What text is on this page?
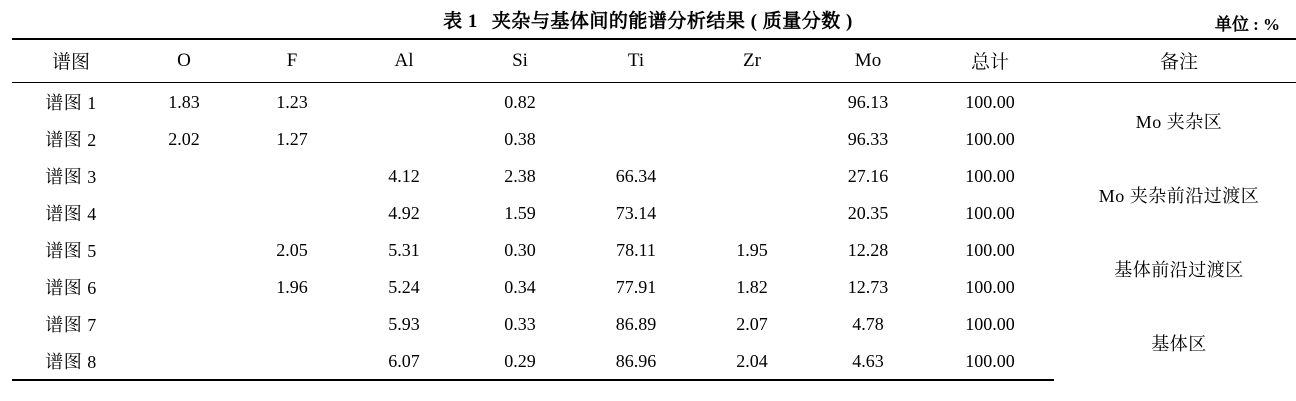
表 1 夹杂与基体间的能谱分析结果 ( 质量分数 )	单位 : %
谱图	O	F	Al	Si	Ti	Zr	Mo	总计	备注
谱图 1	1.83	1.23		0.82			96.13	100.00	Mo 夹杂区
谱图 2	2.02	1.27		0.38			96.33	100.00	
谱图 3			4.12	2.38	66.34		27.16	100.00	Mo 夹杂前沿过渡区
谱图 4			4.92	1.59	73.14		20.35	100.00	
谱图 5		2.05	5.31	0.30	78.11	1.95	12.28	100.00	基体前沿过渡区
谱图 6		1.96	5.24	0.34	77.91	1.82	12.73	100.00	
谱图 7			5.93	0.33	86.89	2.07	4.78	100.00	基体区
谱图 8			6.07	0.29	86.96	2.04	4.63	100.00	
